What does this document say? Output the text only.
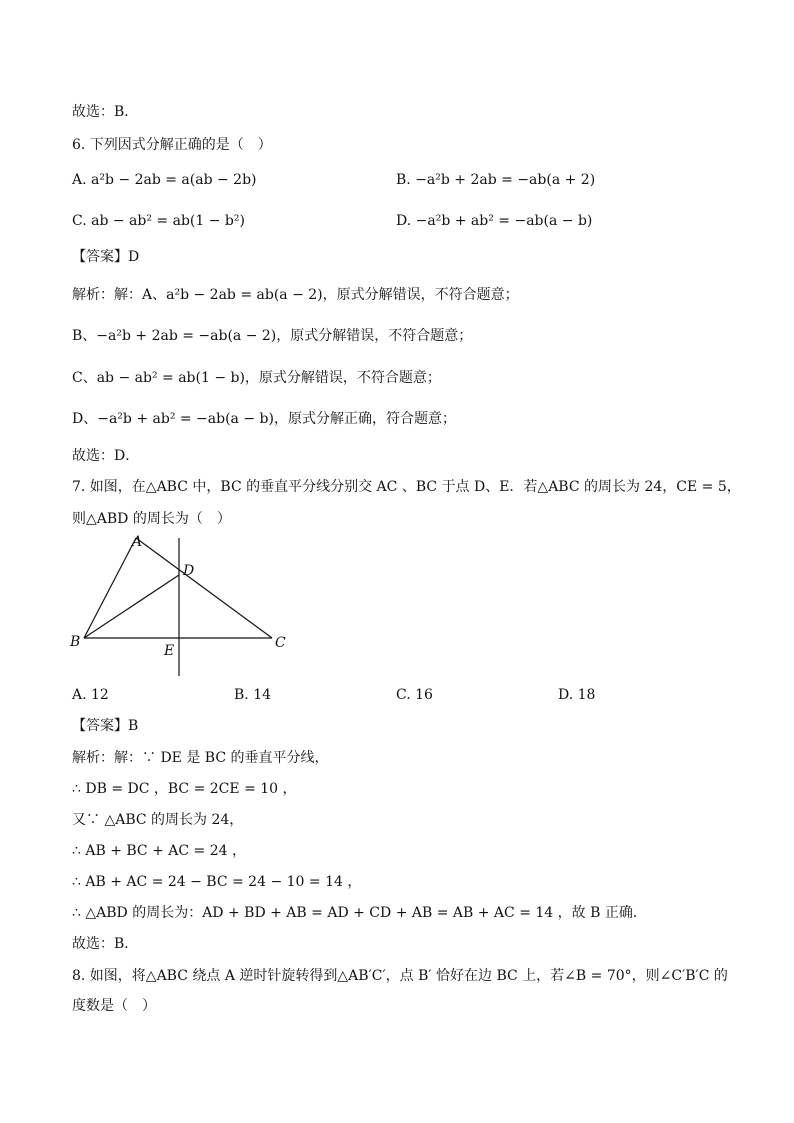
故选：B．
6. 下列因式分解正确的是（　）
A. a²b − 2ab = a(ab − 2b)	B. −a²b + 2ab = −ab(a + 2)
C. ab − ab² = ab(1 − b²)	D. −a²b + ab² = −ab(a − b)
【答案】D
解析：解：A、a²b − 2ab = ab(a − 2)，原式分解错误，不符合题意；
B、−a²b + 2ab = −ab(a − 2)，原式分解错误，不符合题意；
C、ab − ab² = ab(1 − b)，原式分解错误，不符合题意；
D、−a²b + ab² = −ab(a − b)，原式分解正确，符合题意；
故选：D．
7. 如图，在△ABC 中，BC 的垂直平分线分别交 AC 、BC 于点 D、E．若△ABC 的周长为 24，CE = 5，
则△ABD 的周长为（　）
A
B	C
D
E
A. 12	B. 14	C. 16	D. 18
【答案】B
解析：解：∵ DE 是 BC 的垂直平分线，
∴ DB = DC ，BC = 2CE = 10 ，
又∵ △ABC 的周长为 24，
∴ AB + BC + AC = 24 ，
∴ AB + AC = 24 − BC = 24 − 10 = 14 ，
∴ △ABD 的周长为：AD + BD + AB = AD + CD + AB = AB + AC = 14 ，故 B 正确．
故选：B．
8. 如图，将△ABC 绕点 A 逆时针旋转得到△AB′C′，点 B′ 恰好在边 BC 上，若∠B = 70°，则∠C′B′C 的
度数是（　）
